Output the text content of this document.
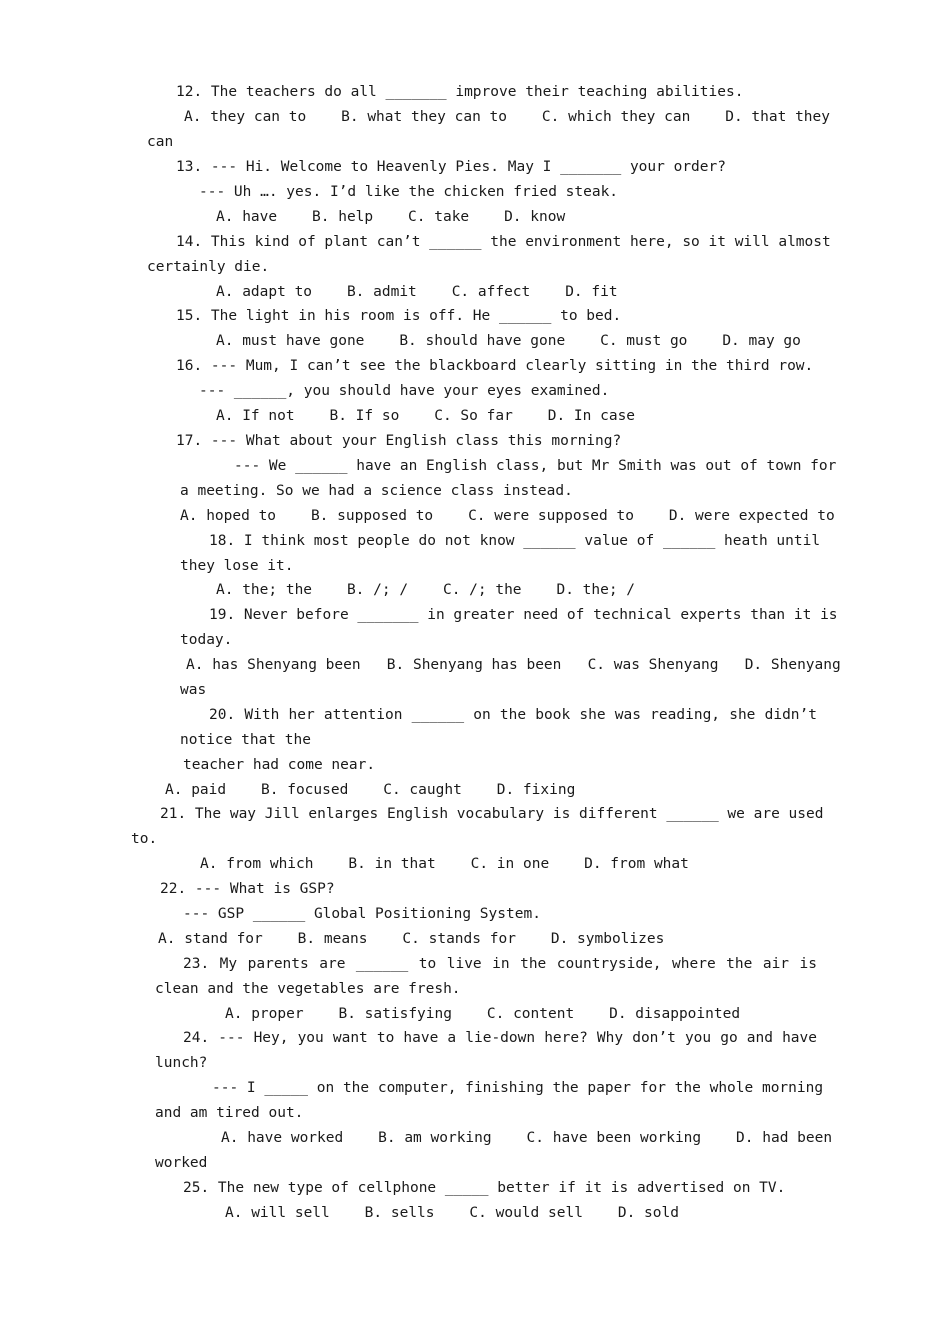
12. The teachers do all _______ improve their teaching abilities.
A. they can to    B. what they can to    C. which they can    D. that they
can
13. --- Hi. Welcome to Heavenly Pies. May I _______ your order?
--- Uh …. yes. I’d like the chicken fried steak.
A. have    B. help    C. take    D. know
14. This kind of plant can’t ______ the environment here, so it will almost
certainly die.
A. adapt to    B. admit    C. affect    D. fit
15. The light in his room is off. He ______ to bed.
A. must have gone    B. should have gone    C. must go    D. may go
16. --- Mum, I can’t see the blackboard clearly sitting in the third row.
--- ______, you should have your eyes examined.
A. If not    B. If so    C. So far    D. In case
17. --- What about your English class this morning?
--- We ______ have an English class, but Mr Smith was out of town for
a meeting. So we had a science class instead.
A. hoped to    B. supposed to    C. were supposed to    D. were expected to
18. I think most people do not know ______ value of ______ heath until
they lose it.
A. the; the    B. /; /    C. /; the    D. the; /
19. Never before _______ in greater need of technical experts than it is
today.
A. has Shenyang been   B. Shenyang has been   C. was Shenyang   D. Shenyang
was
20. With her attention ______ on the book she was reading, she didn’t
notice that the
teacher had come near.
A. paid    B. focused    C. caught    D. fixing
21. The way Jill enlarges English vocabulary is different ______ we are used
to.
A. from which    B. in that    C. in one    D. from what
22. --- What is GSP?
--- GSP ______ Global Positioning System.
A. stand for    B. means    C. stands for    D. symbolizes
23. My parents are ______ to live in the countryside, where the air is
clean and the vegetables are fresh.
A. proper    B. satisfying    C. content    D. disappointed
24. --- Hey, you want to have a lie-down here? Why don’t you go and have
lunch?
--- I _____ on the computer, finishing the paper for the whole morning
and am tired out.
A. have worked    B. am working    C. have been working    D. had been
worked
25. The new type of cellphone _____ better if it is advertised on TV.
A. will sell    B. sells    C. would sell    D. sold
